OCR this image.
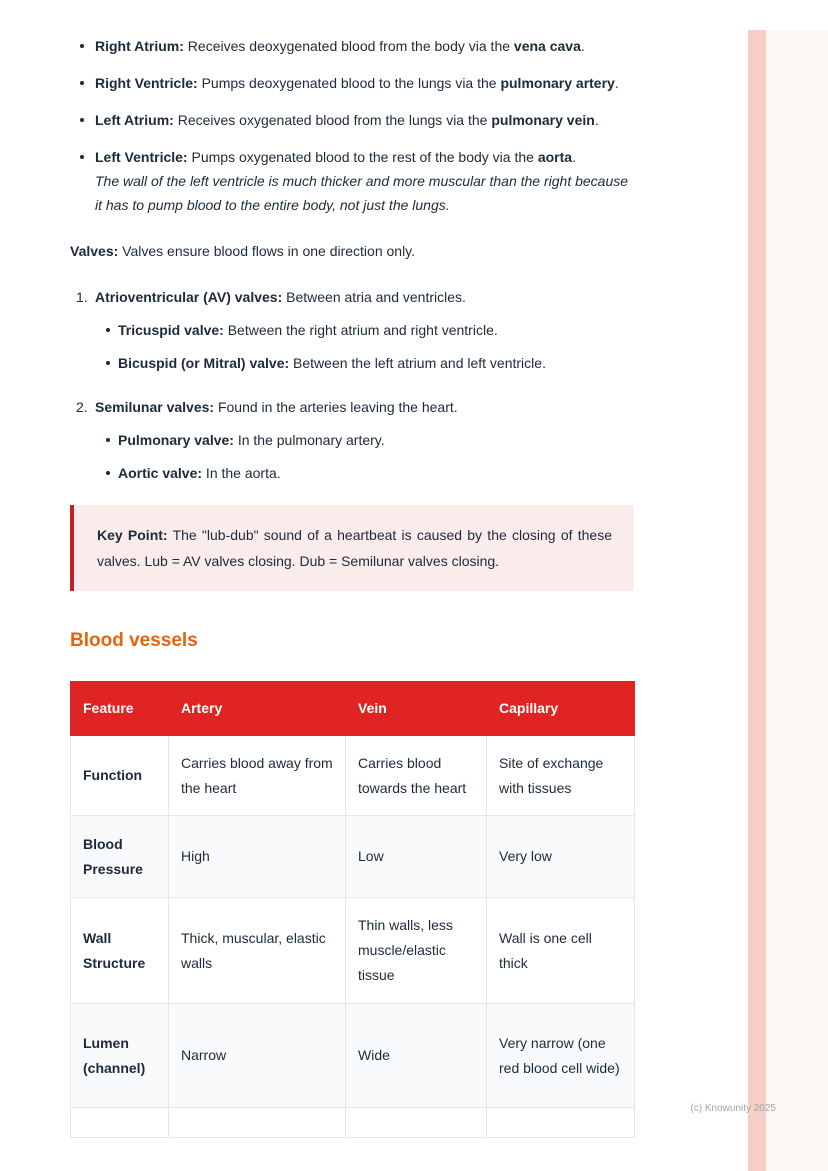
Right Atrium: Receives deoxygenated blood from the body via the vena cava.
Right Ventricle: Pumps deoxygenated blood to the lungs via the pulmonary artery.
Left Atrium: Receives oxygenated blood from the lungs via the pulmonary vein.
Left Ventricle: Pumps oxygenated blood to the rest of the body via the aorta.
The wall of the left ventricle is much thicker and more muscular than the right because it has to pump blood to the entire body, not just the lungs.

Valves: Valves ensure blood flows in one direction only.

1. Atrioventricular (AV) valves: Between atria and ventricles.
Tricuspid valve: Between the right atrium and right ventricle.
Bicuspid (or Mitral) valve: Between the left atrium and left ventricle.
2. Semilunar valves: Found in the arteries leaving the heart.
Pulmonary valve: In the pulmonary artery.
Aortic valve: In the aorta.
Key Point: The "lub-dub" sound of a heartbeat is caused by the closing of these valves. Lub = AV valves closing. Dub = Semilunar valves closing.
Blood vessels
Feature	Artery	Vein	Capillary
Function	Carries blood away from the heart	Carries blood towards the heart	Site of exchange with tissues
Blood Pressure	High	Low	Very low
Wall Structure	Thick, muscular, elastic walls	Thin walls, less muscle/elastic tissue	Wall is one cell thick
Lumen (channel)	Narrow	Wide	Very narrow (one red blood cell wide)

(c) Knowunity 2025
